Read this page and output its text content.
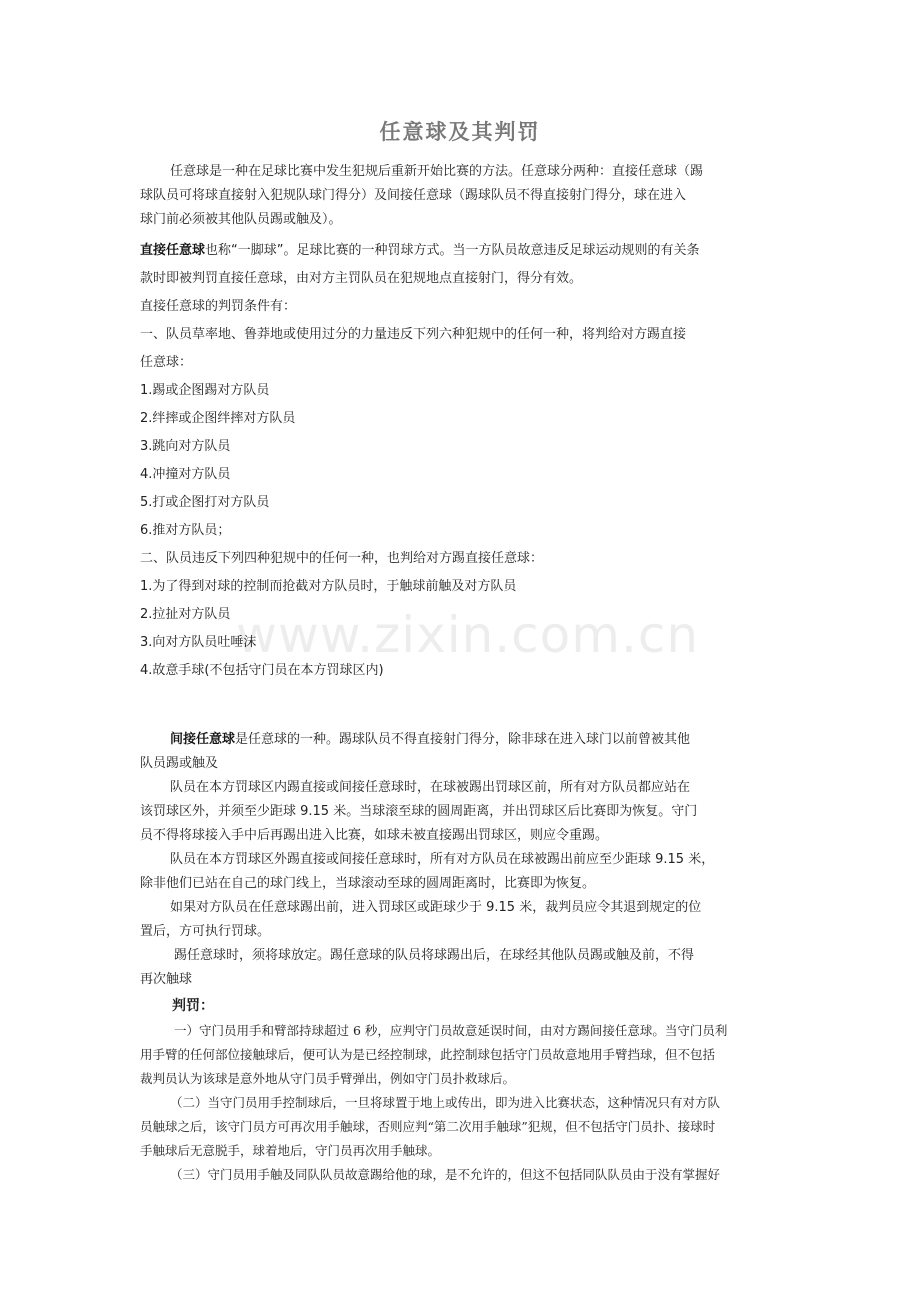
任意球及其判罚
任意球是一种在足球比赛中发生犯规后重新开始比赛的方法。任意球分两种：直接任意球（踢
球队员可将球直接射入犯规队球门得分）及间接任意球（踢球队员不得直接射门得分，球在进入
球门前必须被其他队员踢或触及）。
直接任意球也称“一脚球”。足球比赛的一种罚球方式。当一方队员故意违反足球运动规则的有关条
款时即被判罚直接任意球，由对方主罚队员在犯规地点直接射门，得分有效。
直接任意球的判罚条件有：
一、队员草率地、鲁莽地或使用过分的力量违反下列六种犯规中的任何一种，将判给对方踢直接
任意球：
1.踢或企图踢对方队员
2.绊摔或企图绊摔对方队员
3.跳向对方队员
4.冲撞对方队员
5.打或企图打对方队员
6.推对方队员；
二、队员违反下列四种犯规中的任何一种，也判给对方踢直接任意球：
1.为了得到对球的控制而抢截对方队员时，于触球前触及对方队员
2.拉扯对方队员
3.向对方队员吐唾沫
4.故意手球(不包括守门员在本方罚球区内)
www.zixin.com.cn
间接任意球是任意球的一种。踢球队员不得直接射门得分，除非球在进入球门以前曾被其他
队员踢或触及
队员在本方罚球区内踢直接或间接任意球时，在球被踢出罚球区前，所有对方队员都应站在
该罚球区外，并须至少距球 9.15 米。当球滚至球的圆周距离，并出罚球区后比赛即为恢复。守门
员不得将球接入手中后再踢出进入比赛，如球未被直接踢出罚球区，则应令重踢。
队员在本方罚球区外踢直接或间接任意球时，所有对方队员在球被踢出前应至少距球 9.15 米，
除非他们已站在自己的球门线上，当球滚动至球的圆周距离时，比赛即为恢复。
如果对方队员在任意球踢出前，进入罚球区或距球少于 9.15 米，裁判员应令其退到规定的位
置后，方可执行罚球。
踢任意球时，须将球放定。踢任意球的队员将球踢出后，在球经其他队员踢或触及前，不得
再次触球
判罚：
一）守门员用手和臂部持球超过 6 秒，应判守门员故意延误时间，由对方踢间接任意球。当守门员利
用手臂的任何部位接触球后，便可认为是已经控制球，此控制球包括守门员故意地用手臂挡球，但不包括
裁判员认为该球是意外地从守门员手臂弹出，例如守门员扑救球后。
（二）当守门员用手控制球后，一旦将球置于地上或传出，即为进入比赛状态，这种情况只有对方队
员触球之后，该守门员方可再次用手触球，否则应判“第二次用手触球”犯规，但不包括守门员扑、接球时
手触球后无意脱手，球着地后，守门员再次用手触球。
（三）守门员用手触及同队队员故意踢给他的球，是不允许的，但这不包括同队队员由于没有掌握好
